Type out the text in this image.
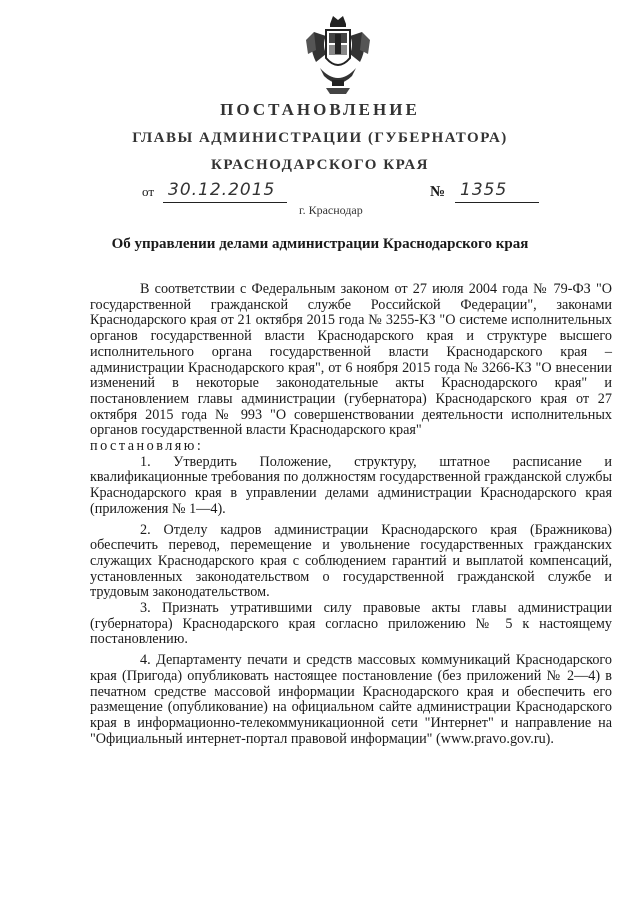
ПОСТАНОВЛЕНИЕ
ГЛАВЫ АДМИНИСТРАЦИИ (ГУБЕРНАТОРА)
КРАСНОДАРСКОГО КРАЯ
от 30.12.2015	№ 1355
г. Краснодар
Об управлении делами администрации Краснодарского края

В соответствии с Федеральным законом от 27 июля 2004 года № 79-ФЗ "О государственной гражданской службе Российской Федерации", законами Краснодарского края от 21 октября 2015 года № 3255-КЗ "О системе исполнительных органов государственной власти Краснодарского края и структуре высшего исполнительного органа государственной власти Краснодарского края – администрации Краснодарского края", от 6 ноября 2015 года № 3266-КЗ "О внесении изменений в некоторые законодательные акты Краснодарского края" и постановлением главы администрации (губернатора) Краснодарского края от 27 октября 2015 года № 993 "О совершенствовании деятельности исполнительных органов государственной власти Краснодарского края"

постановляю:

1. Утвердить Положение, структуру, штатное расписание и квалификационные требования по должностям государственной гражданской службы Краснодарского края в управлении делами администрации Краснодарского края (приложения № 1—4).

2. Отделу кадров администрации Краснодарского края (Бражникова) обеспечить перевод, перемещение и увольнение государственных гражданских служащих Краснодарского края с соблюдением гарантий и выплатой компенсаций, установленных законодательством о государственной гражданской службе и трудовым законодательством.

3. Признать утратившими силу правовые акты главы администрации (губернатора) Краснодарского края согласно приложению № 5 к настоящему постановлению.

4. Департаменту печати и средств массовых коммуникаций Краснодарского края (Пригода) опубликовать настоящее постановление (без приложений № 2—4) в печатном средстве массовой информации Краснодарского края и обеспечить его размещение (опубликование) на официальном сайте администрации Краснодарского края в информационно-телекоммуникационной сети "Интернет" и направление на "Официальный интернет-портал правовой информации" (www.pravo.gov.ru).
